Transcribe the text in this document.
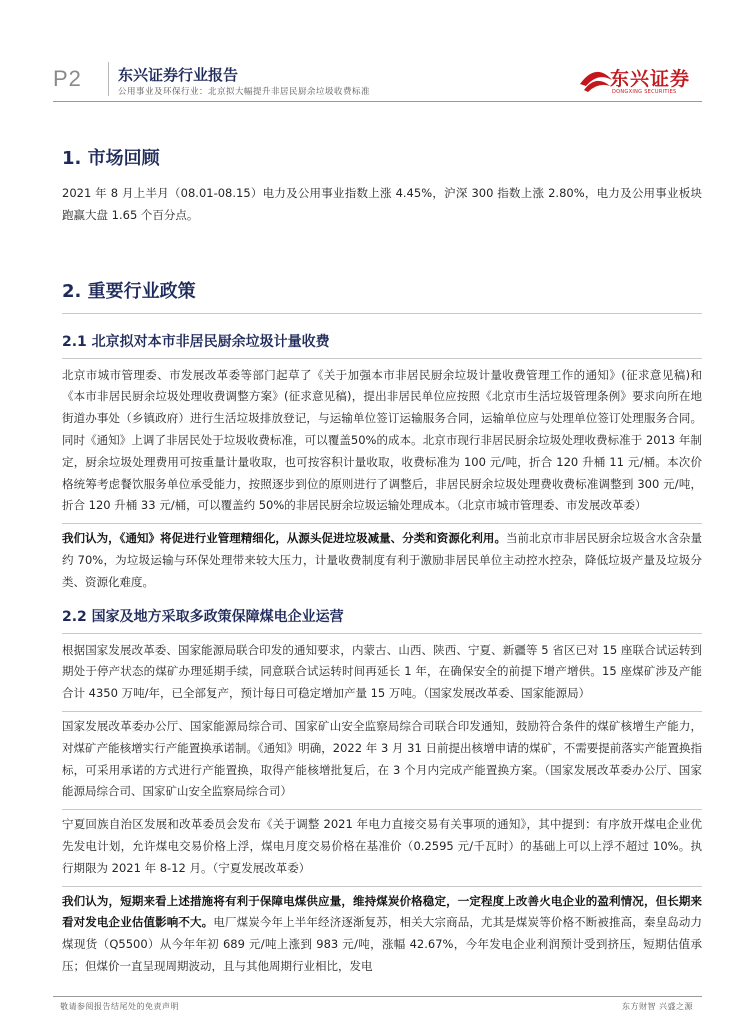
P2 东兴证券行业报告
公用事业及环保行业：北京拟大幅提升非居民厨余垃圾收费标准
东兴证券
DONGXING SECURITIES
1. 市场回顾

2021 年 8 月上半月（08.01-08.15）电力及公用事业指数上涨 4.45%，沪深 300 指数上涨 2.80%，电力及公用事业板块跑赢大盘 1.65 个百分点。

2. 重要行业政策
2.1 北京拟对本市非居民厨余垃圾计量收费

北京市城市管理委、市发展改革委等部门起草了《关于加强本市非居民厨余垃圾计量收费管理工作的通知》(征求意见稿)和《本市非居民厨余垃圾处理收费调整方案》(征求意见稿)，提出非居民单位应按照《北京市生活垃圾管理条例》要求向所在地街道办事处（乡镇政府）进行生活垃圾排放登记，与运输单位签订运输服务合同，运输单位应与处理单位签订处理服务合同。同时《通知》上调了非居民处于垃圾收费标准，可以覆盖50%的成本。北京市现行非居民厨余垃圾处理收费标准于 2013 年制定，厨余垃圾处理费用可按重量计量收取，也可按容积计量收取，收费标准为 100 元/吨，折合 120 升桶 11 元/桶。本次价格统筹考虑餐饮服务单位承受能力，按照逐步到位的原则进行了调整后，非居民厨余垃圾处理费收费标准调整到 300 元/吨，折合 120 升桶 33 元/桶，可以覆盖约 50%的非居民厨余垃圾运输处理成本。（北京市城市管理委、市发展改革委）

我们认为，《通知》将促进行业管理精细化，从源头促进垃圾减量、分类和资源化利用。当前北京市非居民厨余垃圾含水含杂量约 70%，为垃圾运输与环保处理带来较大压力，计量收费制度有利于激励非居民单位主动控水控杂，降低垃圾产量及垃圾分类、资源化难度。

2.2 国家及地方采取多政策保障煤电企业运营

根据国家发展改革委、国家能源局联合印发的通知要求，内蒙古、山西、陕西、宁夏、新疆等 5 省区已对 15 座联合试运转到期处于停产状态的煤矿办理延期手续，同意联合试运转时间再延长 1 年，在确保安全的前提下增产增供。15 座煤矿涉及产能合计 4350 万吨/年，已全部复产，预计每日可稳定增加产量 15 万吨。（国家发展改革委、国家能源局）

国家发展改革委办公厅、国家能源局综合司、国家矿山安全监察局综合司联合印发通知，鼓励符合条件的煤矿核增生产能力，对煤矿产能核增实行产能置换承诺制。《通知》明确，2022 年 3 月 31 日前提出核增申请的煤矿，不需要提前落实产能置换指标，可采用承诺的方式进行产能置换，取得产能核增批复后，在 3 个月内完成产能置换方案。（国家发展改革委办公厅、国家能源局综合司、国家矿山安全监察局综合司）

宁夏回族自治区发展和改革委员会发布《关于调整 2021 年电力直接交易有关事项的通知》，其中提到：有序放开煤电企业优先发电计划，允许煤电交易价格上浮，煤电月度交易价格在基准价（0.2595 元/千瓦时）的基础上可以上浮不超过 10%。执行期限为 2021 年 8-12 月。（宁夏发展改革委）

我们认为，短期来看上述措施将有利于保障电煤供应量，维持煤炭价格稳定，一定程度上改善火电企业的盈利情况，但长期来看对发电企业估值影响不大。电厂煤炭今年上半年经济逐渐复苏，相关大宗商品，尤其是煤炭等价格不断被推高，秦皇岛动力煤现货（Q5500）从今年年初 689 元/吨上涨到 983 元/吨，涨幅 42.67%，今年发电企业利润预计受到挤压，短期估值承压；但煤价一直呈现周期波动，且与其他周期行业相比，发电

敬请参阅报告结尾处的免责声明	东方财智 兴盛之源
